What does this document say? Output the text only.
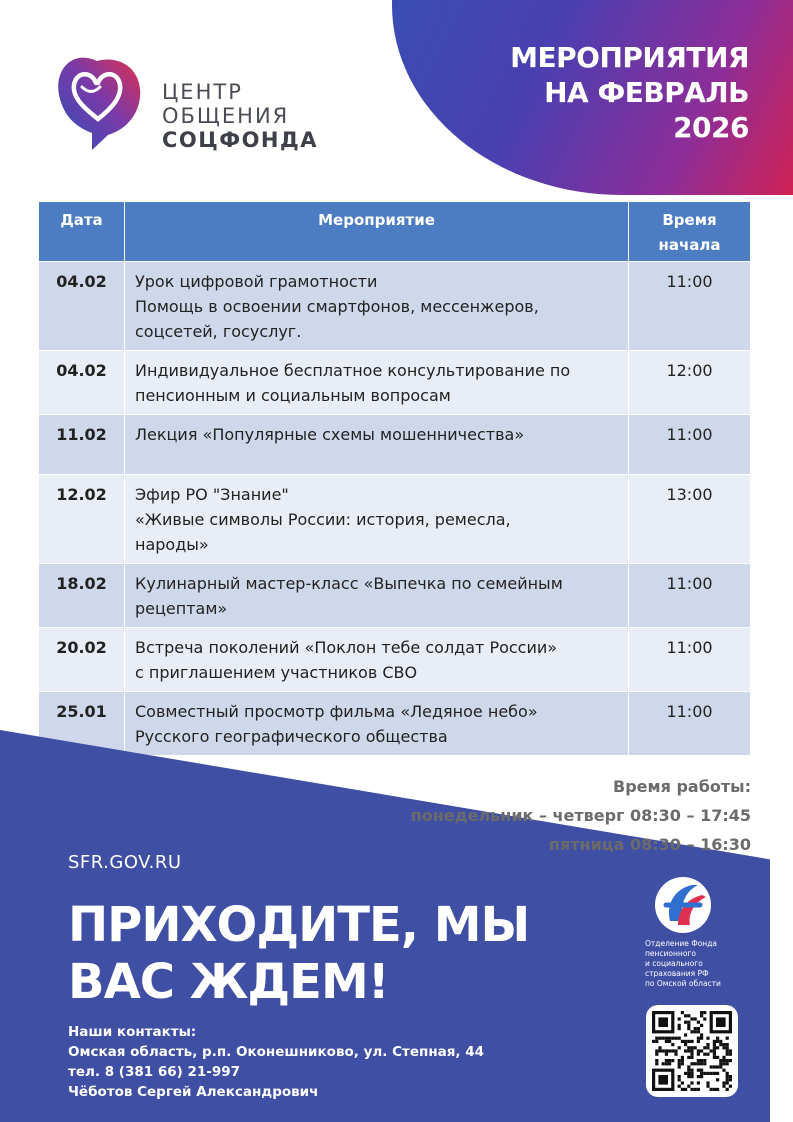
МЕРОПРИЯТИЯ
НА ФЕВРАЛЬ
2026
ЦЕНТР
ОБЩЕНИЯ
СОЦФОНДА
Дата	Мероприятие	Время
начала

04.02	Урок цифровой грамотности
Помощь в освоении смартфонов, мессенжеров,
соцсетей, госуслуг.	11:00
04.02	Индивидуальное бесплатное консультирование по
пенсионным и социальным вопросам	12:00
11.02	Лекция «Популярные схемы мошенничества»	11:00
12.02	Эфир РО "Знание"
«Живые символы России: история, ремесла,
народы»	13:00
18.02	Кулинарный мастер-класс «Выпечка по семейным
рецептам»	11:00
20.02	Встреча поколений «Поклон тебе солдат России»
с приглашением участников СВО	11:00
25.01	Совместный просмотр фильма «Ледяное небо»
Русского географического общества	11:00
Время работы:
понедельник – четверг 08:30 – 17:45
пятница 08:30 – 16:30
SFR.GOV.RU
ПРИХОДИТЕ, МЫ
ВАС ЖДЕМ!
Наши контакты:
Омская область, р.п. Оконешниково, ул. Степная, 44
тел. 8 (381 66) 21-997
Чёботов Сергей Александрович
Отделение Фонда
пенсионного
и социального
страхования РФ
по Омской области
